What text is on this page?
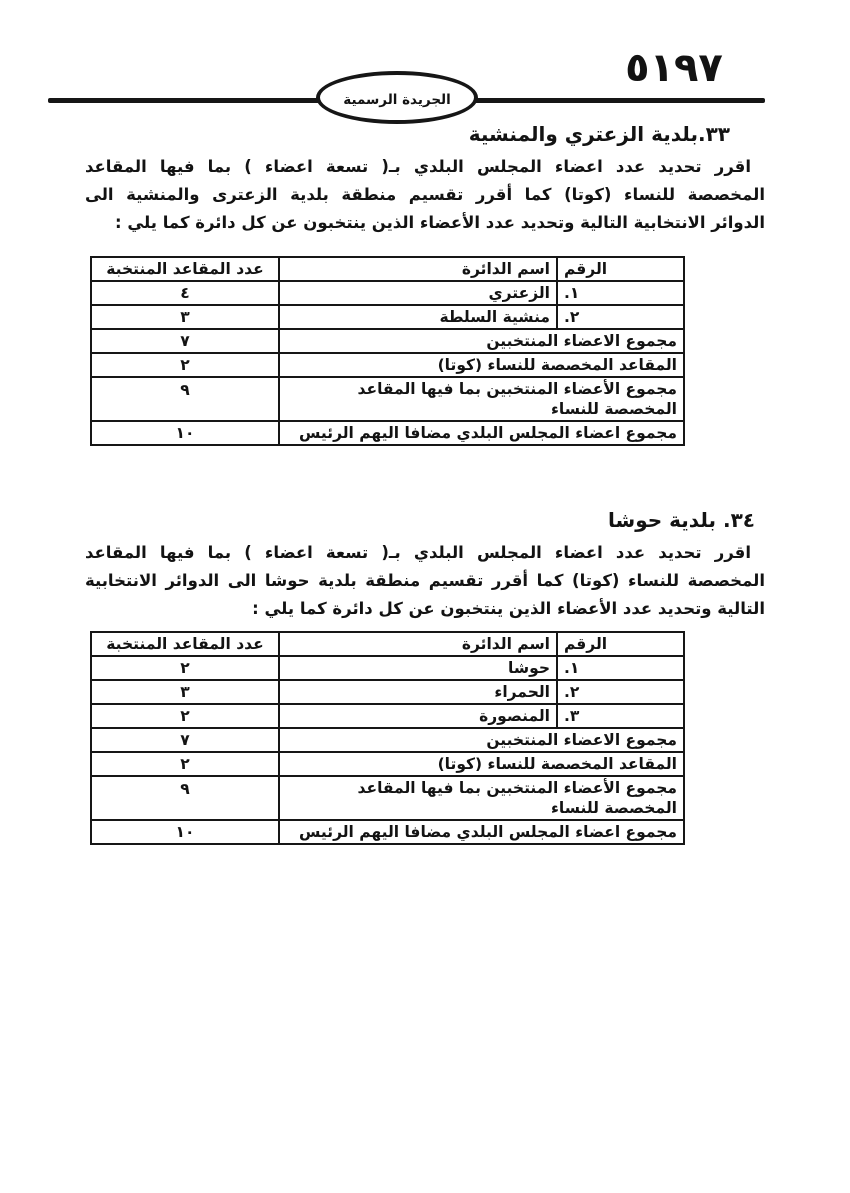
الجريدة الرسمية
٥١٩٧
٣٣.بلدية الزعتري والمنشية
اقرر تحديد عدد اعضاء المجلس البلدي بـ( تسعة اعضاء ) بما فيها المقاعد
المخصصة للنساء (كوتا) كما أقرر تقسيم منطقة بلدية الزعترى والمنشية الى
الدوائر الانتخابية التالية وتحديد عدد الأعضاء الذين ينتخبون عن كل دائرة كما يلي :
الرقم	اسم الدائرة	عدد المقاعد المنتخبة
١.	الزعتري	٤
٢.	منشية السلطة	٣
مجموع الاعضاء المنتخبين		٧
المقاعد المخصصة للنساء (كوتا)		٢
مجموع الأعضاء المنتخبين بما فيها المقاعد المخصصة للنساء		٩
مجموع اعضاء المجلس البلدي مضافا اليهم الرئيس		١٠
٣٤. بلدية حوشا
اقرر تحديد عدد اعضاء المجلس البلدي بـ( تسعة اعضاء ) بما فيها المقاعد
المخصصة للنساء (كوتا) كما أقرر تقسيم منطقة بلدية حوشا الى الدوائر الانتخابية
التالية وتحديد عدد الأعضاء الذين ينتخبون عن كل دائرة كما يلي :
الرقم	اسم الدائرة	عدد المقاعد المنتخبة
١.	حوشا	٢
٢.	الحمراء	٣
٣.	المنصورة	٢
مجموع الاعضاء المنتخبين		٧
المقاعد المخصصة للنساء (كوتا)		٢
مجموع الأعضاء المنتخبين بما فيها المقاعد المخصصة للنساء		٩
مجموع اعضاء المجلس البلدي مضافا اليهم الرئيس		١٠
